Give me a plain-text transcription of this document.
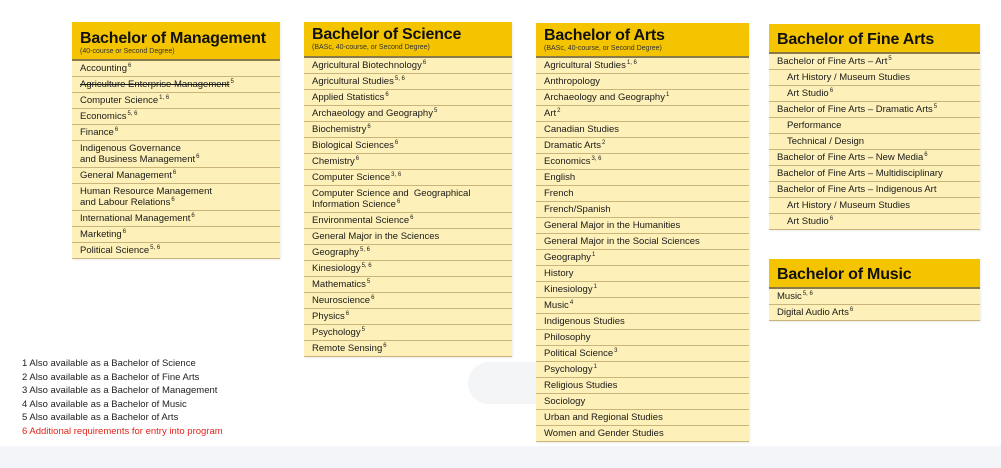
Bachelor of Management
(40-course or Second Degree)
Accounting$^6$
Agriculture Enterprise Management$^5$
Computer Science$^{1, 6}$
Economics$^{5, 6}$
Finance$^6$
Indigenous Governance
and Business Management$^6$
General Management$^6$
Human Resource Management
and Labour Relations$^6$
International Management$^6$
Marketing$^6$
Political Science$^{5, 6}$
Bachelor of Science
(BASc, 40-course, or Second Degree)
Agricultural Biotechnology$^6$
Agricultural Studies$^{5, 6}$
Applied Statistics$^6$
Archaeology and Geography$^5$
Biochemistry$^6$
Biological Sciences$^6$
Chemistry$^6$
Computer Science$^{3, 6}$
Computer Science and  Geographical
Information Science$^6$
Environmental Science$^6$
General Major in the Sciences
Geography$^{5, 6}$
Kinesiology$^{5, 6}$
Mathematics$^5$
Neuroscience$^6$
Physics$^6$
Psychology$^5$
Remote Sensing$^6$
Bachelor of Arts
(BASc, 40-course, or Second Degree)
Agricultural Studies$^{1, 6}$
Anthropology
Archaeology and Geography$^1$
Art$^2$
Canadian Studies
Dramatic Arts$^2$
Economics$^{3, 6}$
English
French
French/Spanish
General Major in the Humanities
General Major in the Social Sciences
Geography$^1$
History
Kinesiology$^1$
Music$^4$
Indigenous Studies
Philosophy
Political Science$^3$
Psychology$^1$
Religious Studies
Sociology
Urban and Regional Studies
Women and Gender Studies
Bachelor of Fine Arts
Bachelor of Fine Arts – Art$^5$
Art History / Museum Studies
Art Studio$^6$
Bachelor of Fine Arts – Dramatic Arts$^5$
Performance
Technical / Design
Bachelor of Fine Arts – New Media$^6$
Bachelor of Fine Arts – Multidisciplinary
Bachelor of Fine Arts – Indigenous Art
Art History / Museum Studies
Art Studio$^6$
Bachelor of Music
Music$^{5, 6}$
Digital Audio Arts$^6$
1 Also available as a Bachelor of Science
2 Also available as a Bachelor of Fine Arts
3 Also available as a Bachelor of Management
4 Also available as a Bachelor of Music
5 Also available as a Bachelor of Arts
6 Additional requirements for entry into program
